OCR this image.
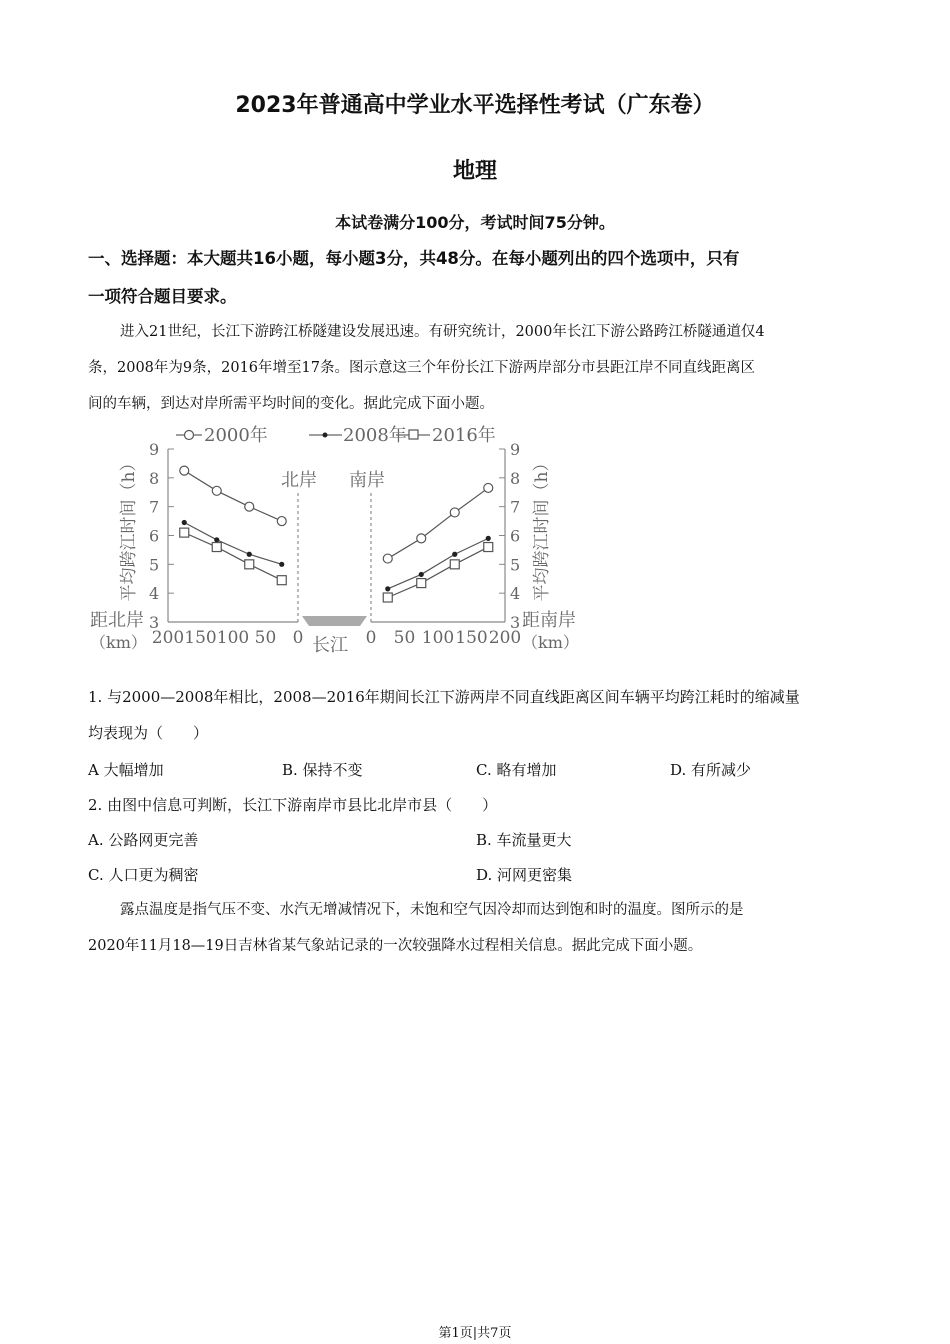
2023年普通高中学业水平选择性考试（广东卷）
地理
本试卷满分100分，考试时间75分钟。
一、选择题：本大题共16小题，每小题3分，共48分。在每小题列出的四个选项中，只有
一项符合题目要求。
进入21世纪，长江下游跨江桥隧建设发展迅速。有研究统计，2000年长江下游公路跨江桥隧通道仅4
条，2008年为9条，2016年增至17条。图示意这三个年份长江下游两岸部分市县距江岸不同直线距离区
间的车辆，到达对岸所需平均时间的变化。据此完成下面小题。
2000年	2008年 2016年
3	3
4	4
5	5
6	6
7	7
8	8
9	9
200 150 100 50 0	0 50 100 150 200
北岸 南岸
长江
距北岸
（km）
距南岸
（km）
平均跨江时间（h）	平均跨江时间（h）
1. 与2000—2008年相比，2008—2016年期间长江下游两岸不同直线距离区间车辆平均跨江耗时的缩减量
均表现为（　　）
A 大幅增加	B. 保持不变	C. 略有增加	D. 有所减少
2. 由图中信息可判断，长江下游南岸市县比北岸市县（　　）
A. 公路网更完善	B. 车流量更大
C. 人口更为稠密	D. 河网更密集
露点温度是指气压不变、水汽无增减情况下，未饱和空气因冷却而达到饱和时的温度。图所示的是
2020年11月18—19日吉林省某气象站记录的一次较强降水过程相关信息。据此完成下面小题。
第1页|共7页
